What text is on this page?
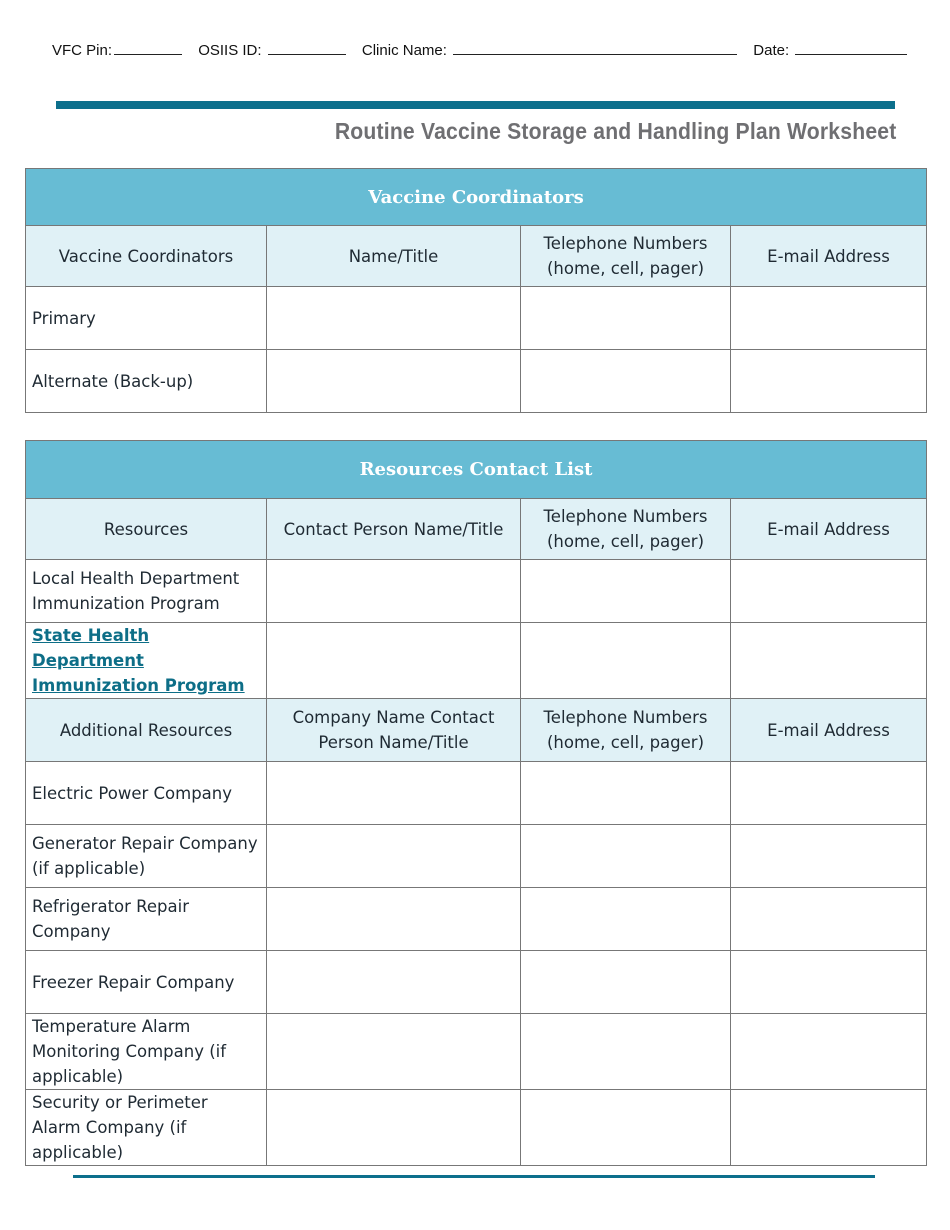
VFC Pin:	OSIIS ID:	Clinic Name:	Date:
Routine Vaccine Storage and Handling Plan Worksheet
Vaccine Coordinators			
Vaccine Coordinators	Name/Title	Telephone Numbers (home, cell, pager)	E-mail Address
Primary			
Alternate (Back-up)			
Resources Contact List			
Resources	Contact Person Name/Title	Telephone Numbers (home, cell, pager)	E-mail Address
Local Health Department Immunization Program			
State Health Department Immunization Program			
Additional Resources	Company Name Contact Person Name/Title	Telephone Numbers (home, cell, pager)	E-mail Address
Electric Power Company			
Generator Repair Company (if applicable)			
Refrigerator Repair Company			
Freezer Repair Company			
Temperature Alarm Monitoring Company (if applicable)			
Security or Perimeter Alarm Company (if applicable)			
